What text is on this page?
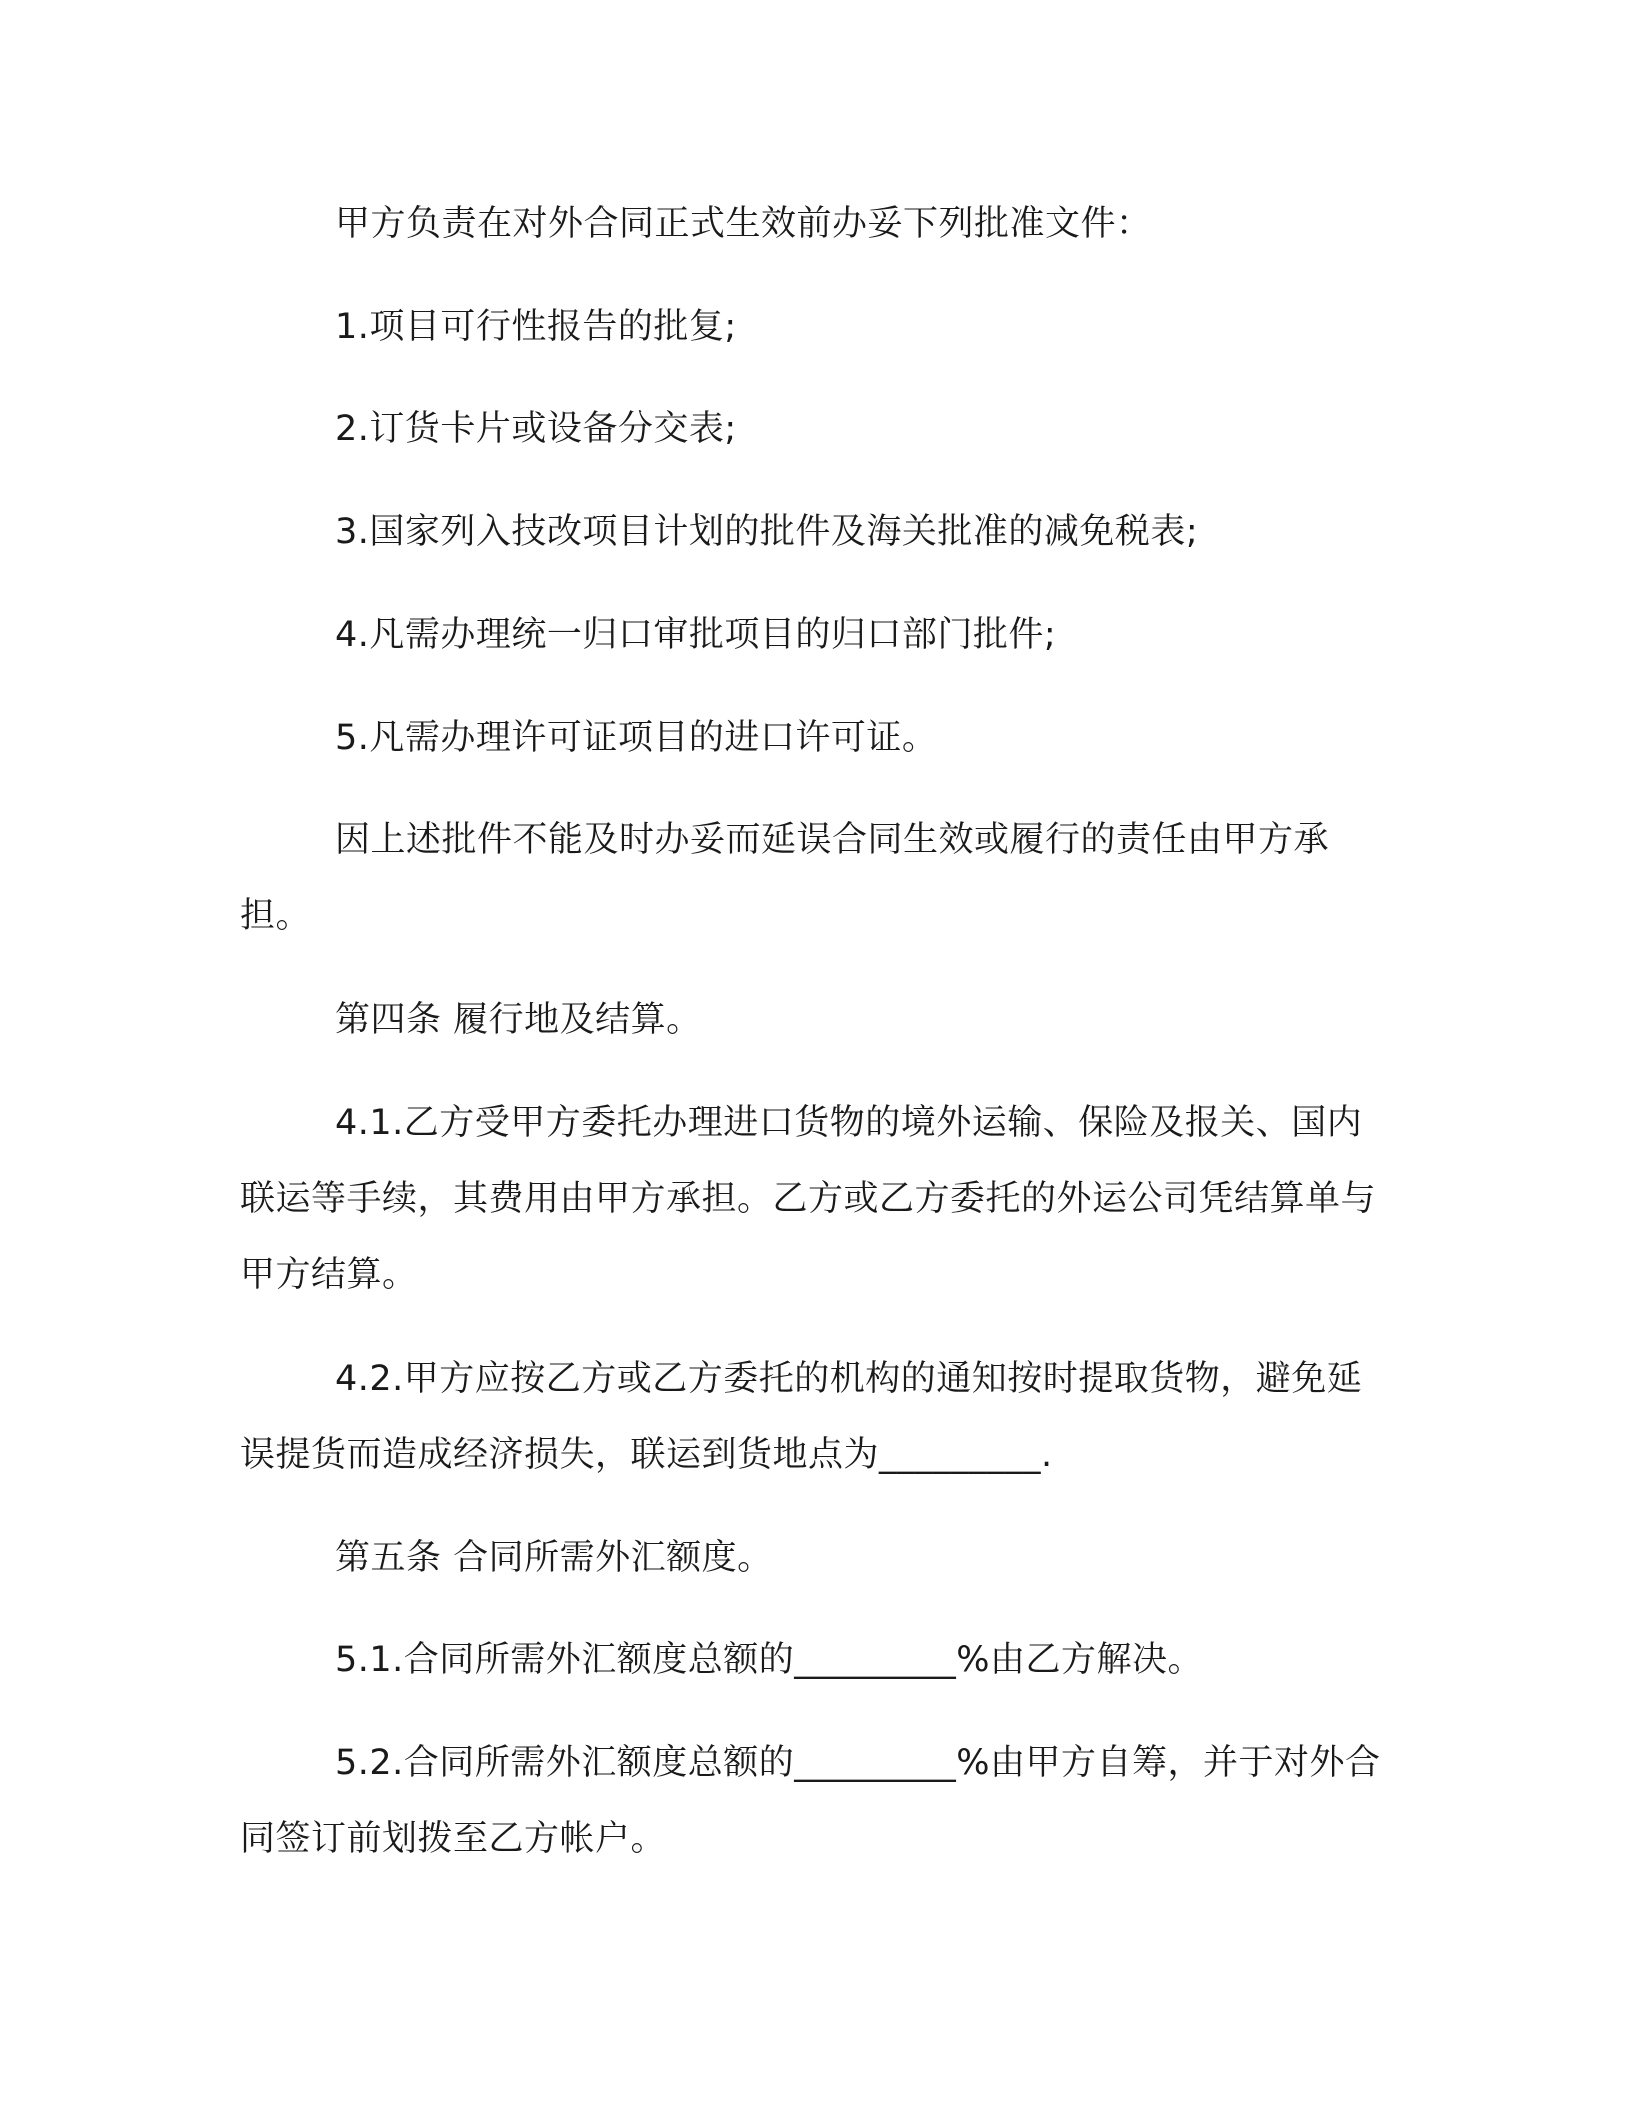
甲方负责在对外合同正式生效前办妥下列批准文件：

1.项目可行性报告的批复;

2.订货卡片或设备分交表;

3.国家列入技改项目计划的批件及海关批准的减免税表;

4.凡需办理统一归口审批项目的归口部门批件;

5.凡需办理许可证项目的进口许可证。

因上述批件不能及时办妥而延误合同生效或履行的责任由甲方承担。

第四条 履行地及结算。

4.1.乙方受甲方委托办理进口货物的境外运输、保险及报关、国内联运等手续，其费用由甲方承担。乙方或乙方委托的外运公司凭结算单与甲方结算。

4.2.甲方应按乙方或乙方委托的机构的通知按时提取货物，避免延误提货而造成经济损失，联运到货地点为_________.

第五条 合同所需外汇额度。

5.1.合同所需外汇额度总额的_________%由乙方解决。

5.2.合同所需外汇额度总额的_________%由甲方自筹，并于对外合同签订前划拨至乙方帐户。
